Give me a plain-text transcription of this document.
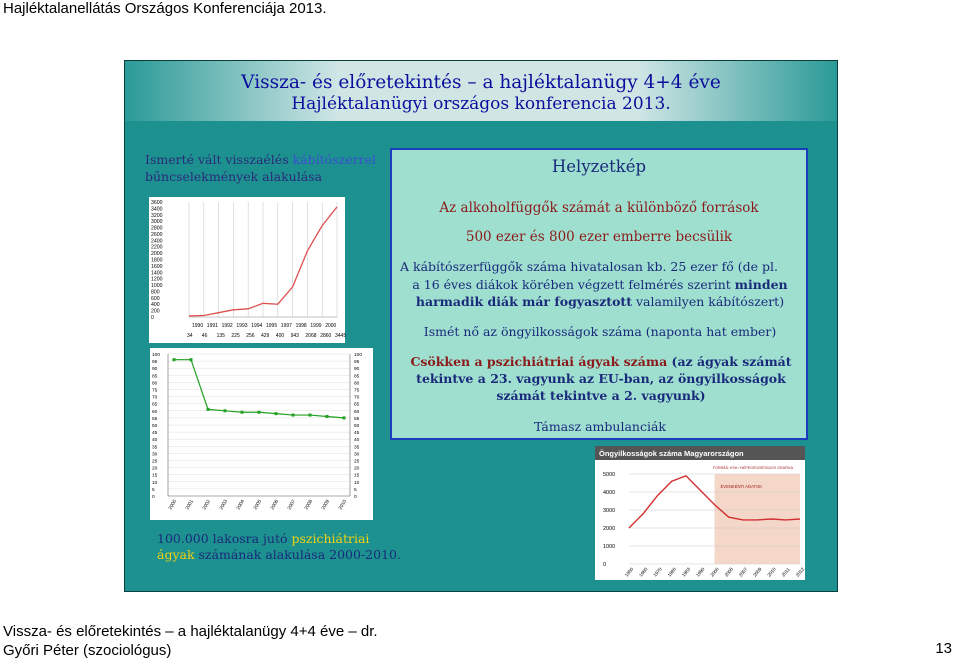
Hajléktalanellátás Országos Konferenciája 2013.
Vissza- és előretekintés – a hajléktalanügy 4+4 éve
Hajléktalanügyi országos konferencia 2013.
Ismerté vált visszaélés kábítószerrel bűncselekmények alakulása
3600
3400
3200
3000
2800
2600
2400
2200
2000
1800
1600
1400
1200
1000
800
600
400
200
0
1990 1991 1992 1993 1994 1995 1997 1998 1999 2000
34 46 135 225 256 429 400 943 2068 2860 3445
100
95
90
85
80
75
70
65
60
55
50
45
40
35
30
25
20
15
10
5
0
100
95
90
85
80
75
70
65
60
55
50
45
40
35
30
25
20
15
10
5
0
2000 2001 2002 2003 2004 2005 2006 2007 2008 2009 2010
Öngyilkosságok száma Magyarországon
FORRÁS: KSH / NÉPEGÉSZSÉGÜGYI GRAFIKA
ÉVENKÉNTI ADATOK
5000
4000
3000
2000
1000
0
1950 1960 1970 1980 1983 1990 2000 2005 2007 2009 2010 2011 2012
Helyzetkép
Az alkoholfüggők számát a különböző források
500 ezer és 800 ezer emberre becsülik
A kábítószerfüggők száma hivatalosan kb. 25 ezer fő (de pl.
a 16 éves diákok körében végzett felmérés szerint minden harmadik diák már fogyasztott valamilyen kábítószert)
Ismét nő az öngyilkosságok száma (naponta hat ember)
Csökken a pszichiátriai ágyak száma (az ágyak számát tekintve a 23. vagyunk az EU-ban, az öngyilkosságok számát tekintve a 2. vagyunk)
Támasz ambulanciák
100.000 lakosra jutó pszichiátriai
ágyak számának alakulása 2000-2010.
Vissza- és előretekintés – a hajléktalanügy 4+4 éve – dr.
Győri Péter (szociológus)	13
